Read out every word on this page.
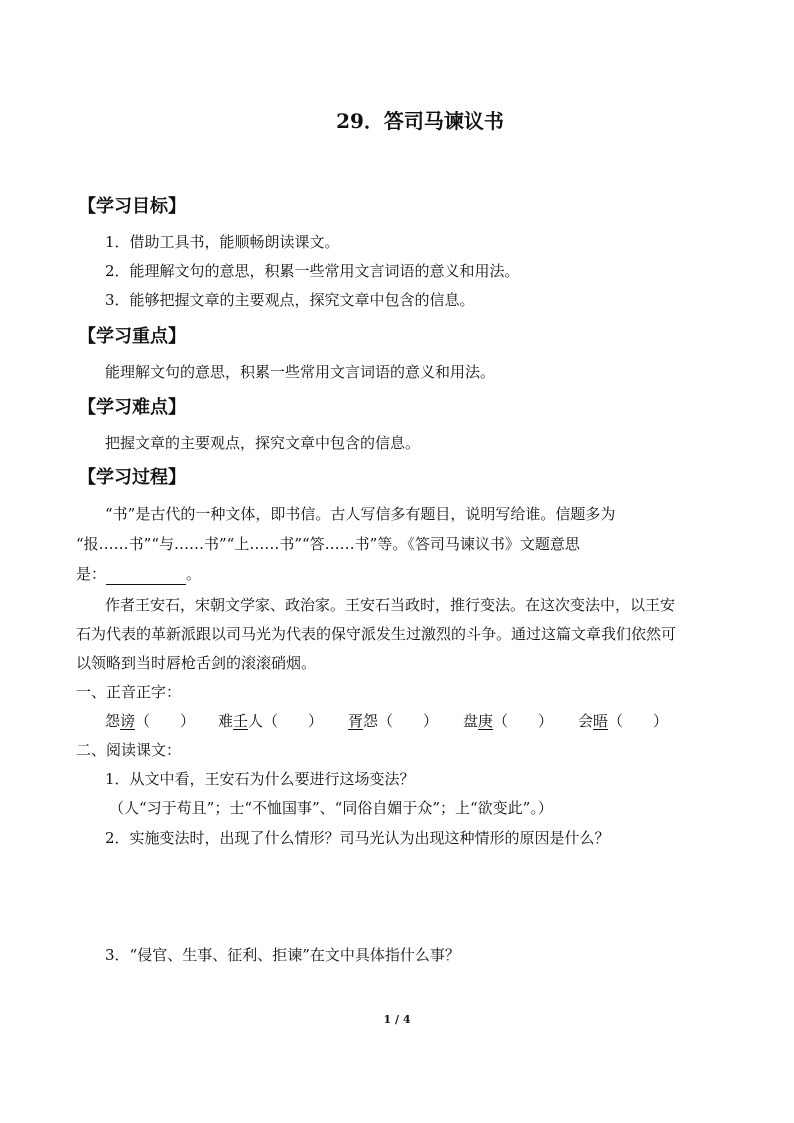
29．答司马谏议书
【学习目标】
1．借助工具书，能顺畅朗读课文。
2．能理解文句的意思，积累一些常用文言词语的意义和用法。
3．能够把握文章的主要观点，探究文章中包含的信息。
【学习重点】
能理解文句的意思，积累一些常用文言词语的意义和用法。
【学习难点】
把握文章的主要观点，探究文章中包含的信息。
【学习过程】
“书”是古代的一种文体，即书信。古人写信多有题目，说明写给谁。信题多为
“报……书”“与……书”“上……书”“答……书”等。《答司马谏议书》文题意思
是：	。
作者王安石，宋朝文学家、政治家。王安石当政时，推行变法。在这次变法中，以王安
石为代表的革新派跟以司马光为代表的保守派发生过激烈的斗争。通过这篇文章我们依然可
以领略到当时唇枪舌剑的滚滚硝烟。
一、正音正字：
怨谤（　　） 难壬人（　　） 胥怨（　　） 盘庚（　　） 会晤（　　）
二、阅读课文：
1．从文中看，王安石为什么要进行这场变法？
（人“习于苟且”；士“不恤国事”、“同俗自媚于众”；上“欲变此”。）
2．实施变法时，出现了什么情形？司马光认为出现这种情形的原因是什么？
3．“侵官、生事、征利、拒谏”在文中具体指什么事？
1 / 4
